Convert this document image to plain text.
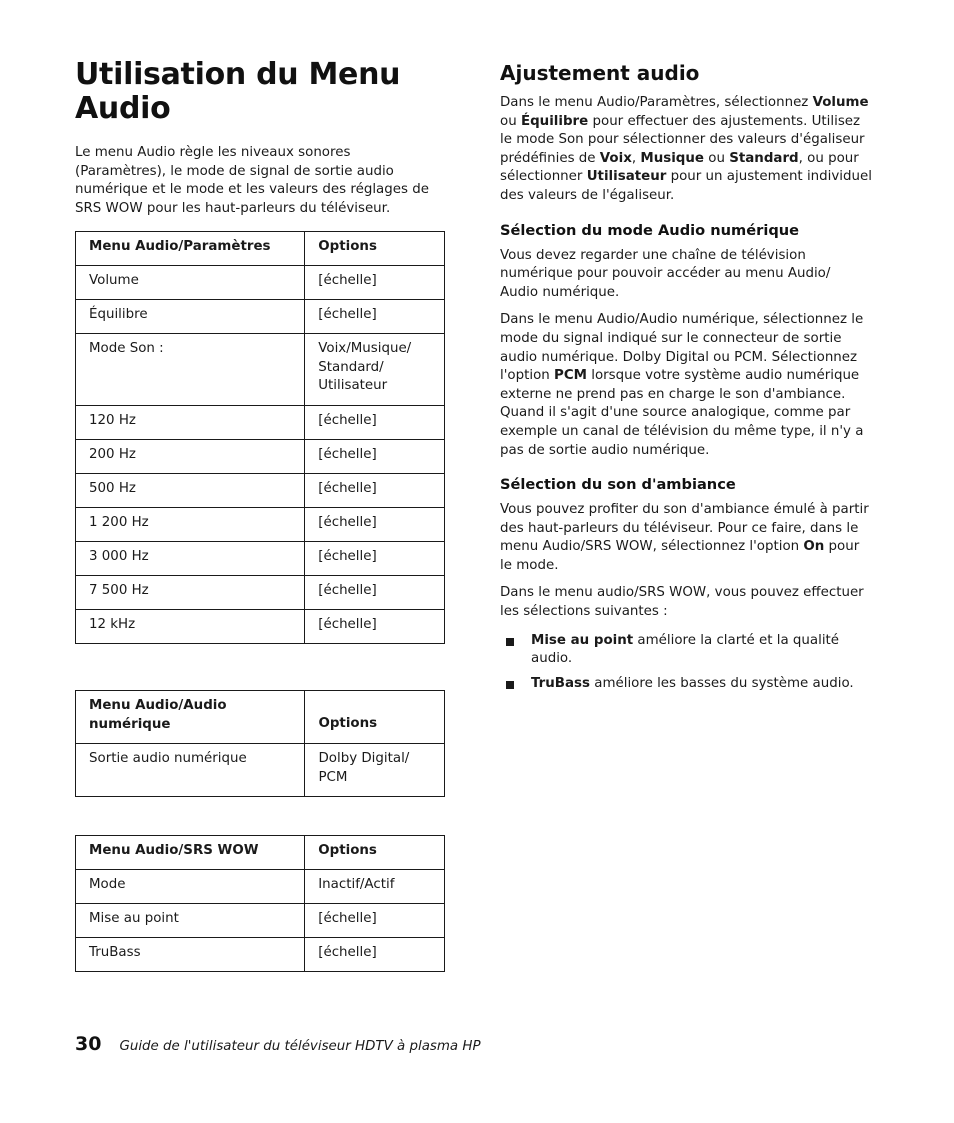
Utilisation du Menu
Audio

Le menu Audio règle les niveaux sonores (Paramètres), le mode de signal de sortie audio numérique et le mode et les valeurs des réglages de SRS WOW pour les haut-parleurs du téléviseur.

Menu Audio/Paramètres	Options
Volume	[échelle]
Équilibre	[échelle]
Mode Son :	Voix/Musique/ Standard/ Utilisateur
120 Hz	[échelle]
200 Hz	[échelle]
500 Hz	[échelle]
1 200 Hz	[échelle]
3 000 Hz	[échelle]
7 500 Hz	[échelle]
12 kHz	[échelle]
Menu Audio/Audio numérique	Options
Sortie audio numérique	Dolby Digital/ PCM
Menu Audio/SRS WOW	Options
Mode	Inactif/Actif
Mise au point	[échelle]
TruBass	[échelle]
Ajustement audio

Dans le menu Audio/Paramètres, sélectionnez Volume ou Équilibre pour effectuer des ajustements. Utilisez le mode Son pour sélectionner des valeurs d'égaliseur prédéfinies de Voix, Musique ou Standard, ou pour sélectionner Utilisateur pour un ajustement individuel des valeurs de l'égaliseur.

Sélection du mode Audio numérique

Vous devez regarder une chaîne de télévision numérique pour pouvoir accéder au menu Audio/ Audio numérique.

Dans le menu Audio/Audio numérique, sélectionnez le mode du signal indiqué sur le connecteur de sortie audio numérique. Dolby Digital ou PCM. Sélectionnez l'option PCM lorsque votre système audio numérique externe ne prend pas en charge le son d'ambiance. Quand il s'agit d'une source analogique, comme par exemple un canal de télévision du même type, il n'y a pas de sortie audio numérique.

Sélection du son d'ambiance

Vous pouvez profiter du son d'ambiance émulé à partir des haut-parleurs du téléviseur. Pour ce faire, dans le menu Audio/SRS WOW, sélectionnez l'option On pour le mode.

Dans le menu audio/SRS WOW, vous pouvez effectuer les sélections suivantes :

Mise au point améliore la clarté et la qualité audio.
TruBass améliore les basses du système audio.
30 Guide de l'utilisateur du téléviseur HDTV à plasma HP
